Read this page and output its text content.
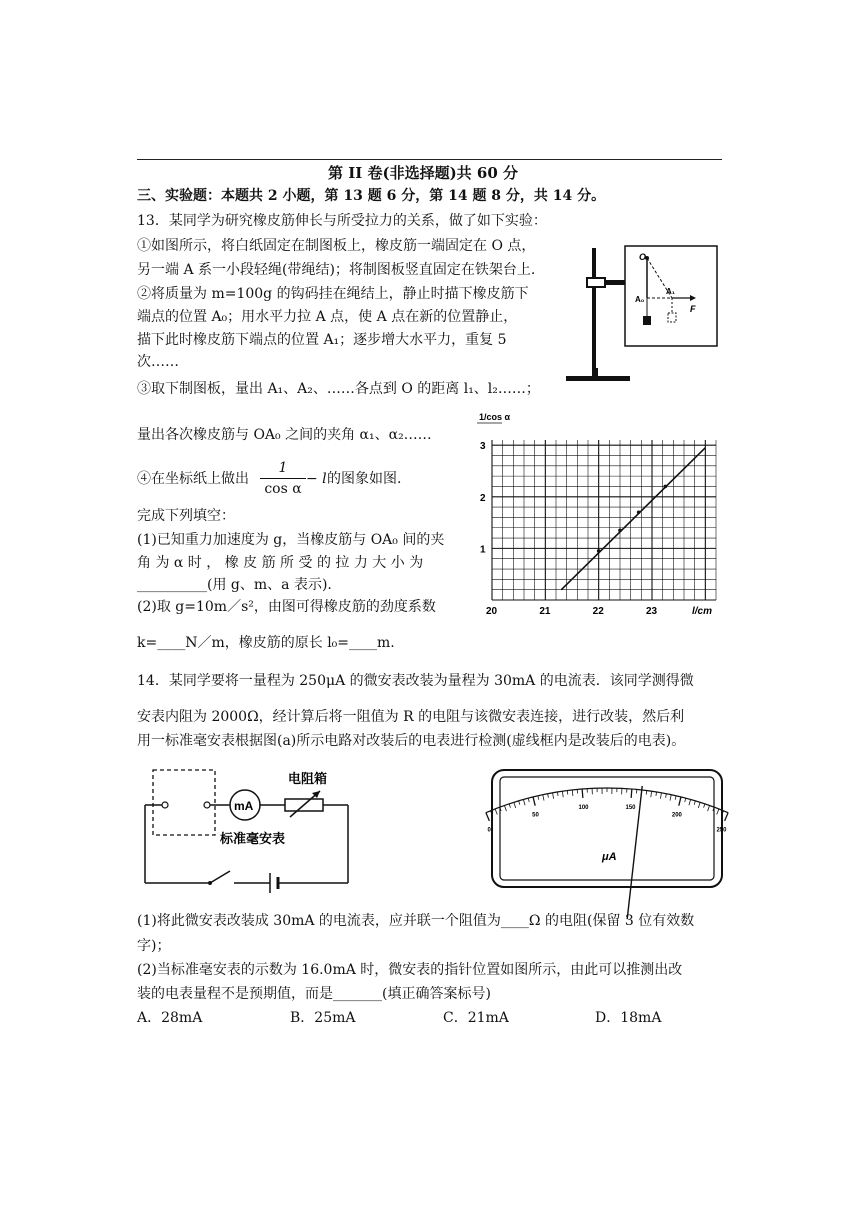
第 II 卷(非选择题)共 60 分
三、实验题：本题共 2 小题，第 13 题 6 分，第 14 题 8 分，共 14 分。
13．某同学为研究橡皮筋伸长与所受拉力的关系，做了如下实验：
①如图所示，将白纸固定在制图板上，橡皮筋一端固定在 O 点，
另一端 A 系一小段轻绳(带绳结)；将制图板竖直固定在铁架台上.
②将质量为 m=100g 的钩码挂在绳结上，静止时描下橡皮筋下
端点的位置 A₀；用水平力拉 A 点，使 A 点在新的位置静止，
描下此时橡皮筋下端点的位置 A₁；逐步增大水平力，重复 5
次……
③取下制图板，量出 A₁、A₂、……各点到 O 的距离 l₁、l₂……；
量出各次橡皮筋与 OA₀ 之间的夹角 α₁、α₂……
④在坐标纸上做出
1
cos α
− l 的图象如图.
完成下列填空：
(1)已知重力加速度为 g，当橡皮筋与 OA₀ 间的夹
角 为 α 时 ， 橡 皮 筋 所 受 的 拉 力 大 小 为
__________(用 g、m、a 表示).
(2)取 g=10m／s²，由图可得橡皮筋的劲度系数
k=____N／m，橡皮筋的原长 l₀=____m.
O
A₀
A₁
F
1/cos α
20	21	22	23
1
2
3
l/cm
14．某同学要将一量程为 250μA 的微安表改装为量程为 30mA 的电流表．该同学测得微
安表内阻为 2000Ω，经计算后将一阻值为 R 的电阻与该微安表连接，进行改装，然后利
用一标准毫安表根据图(a)所示电路对改装后的电表进行检测(虚线框内是改装后的电表)。
mA
电阻箱
标准毫安表
0
50
100	150
200
250
μA
(1)将此微安表改装成 30mA 的电流表，应并联一个阻值为____Ω 的电阻(保留 3 位有效数
字)；
(2)当标准毫安表的示数为 16.0mA 时，微安表的指针位置如图所示，由此可以推测出改
装的电表量程不是预期值，而是_______(填正确答案标号)
A．28mA	B．25mA	C．21mA	D．18mA
